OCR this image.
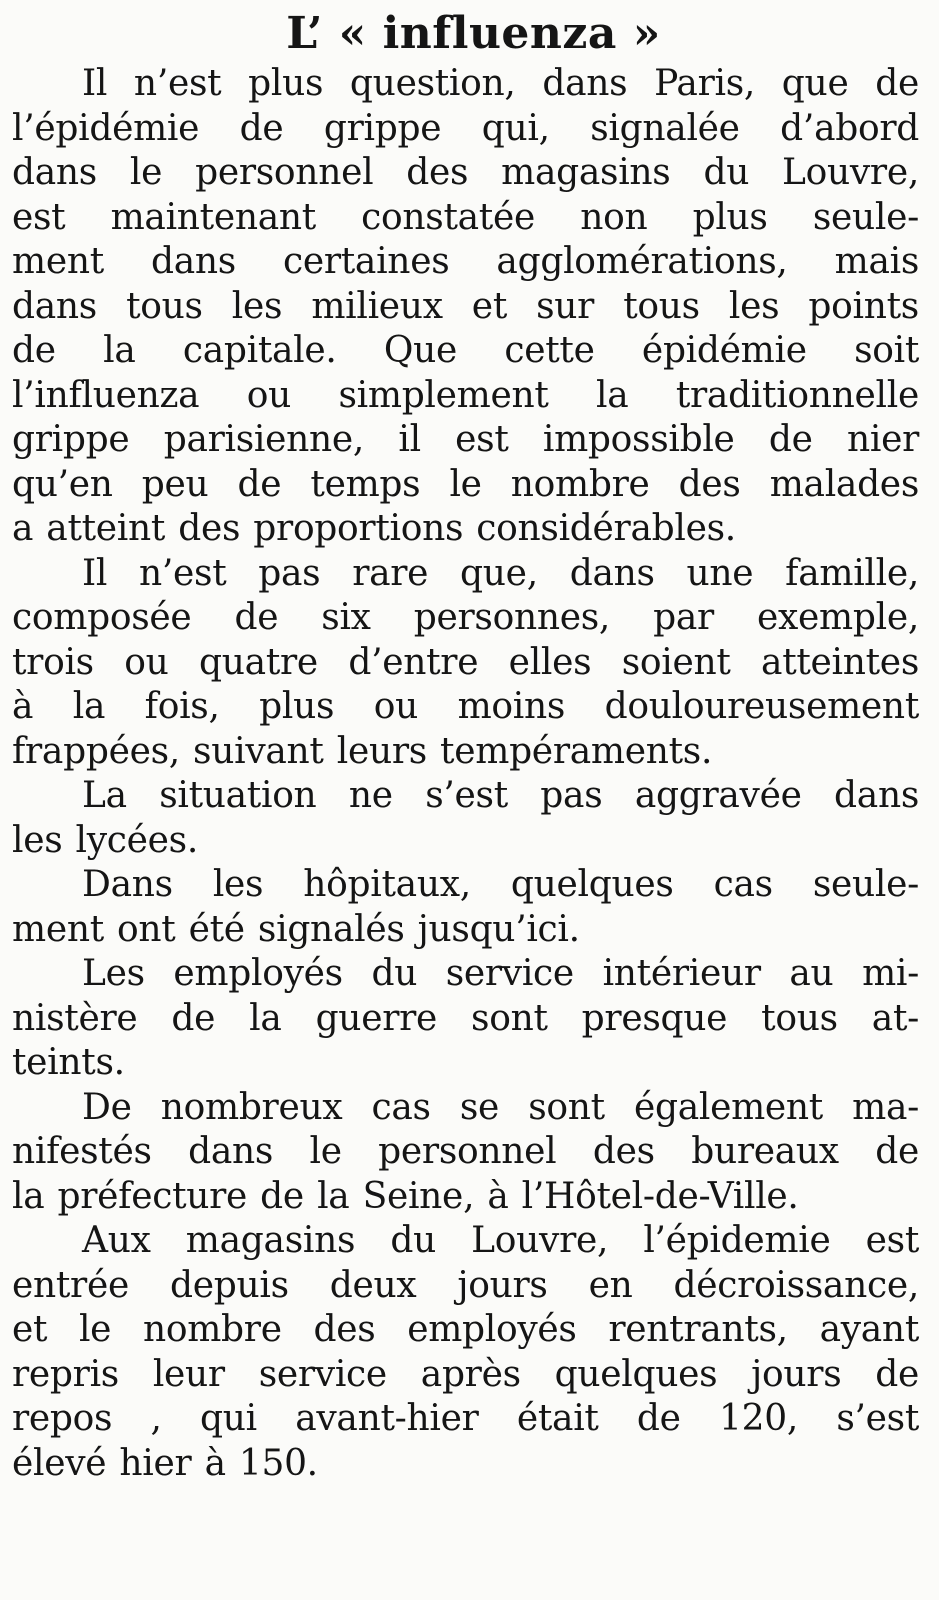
L’ « influenza »

Il n’est plus question, dans Paris, que de
l’épidémie de grippe qui, signalée d’abord
dans le personnel des magasins du Louvre,
est maintenant constatée non plus seule-
ment dans certaines agglomérations, mais
dans tous les milieux et sur tous les points
de la capitale. Que cette épidémie soit
l’influenza ou simplement la traditionnelle
grippe parisienne, il est impossible de nier
qu’en peu de temps le nombre des malades
a atteint des proportions considérables.

Il n’est pas rare que, dans une famille,
composée de six personnes, par exemple,
trois ou quatre d’entre elles soient atteintes
à la fois, plus ou moins douloureusement
frappées, suivant leurs tempéraments.

La situation ne s’est pas aggravée dans
les lycées.

Dans les hôpitaux, quelques cas seule-
ment ont été signalés jusqu’ici.

Les employés du service intérieur au mi-
nistère de la guerre sont presque tous at-
teints.

De nombreux cas se sont également ma-
nifestés dans le personnel des bureaux de
la préfecture de la Seine, à l’Hôtel-de-Ville.

Aux magasins du Louvre, l’épidemie est
entrée depuis deux jours en décroissance,
et le nombre des employés rentrants, ayant
repris leur service après quelques jours de
repos , qui avant-hier était de 120, s’est
élevé hier à 150.
